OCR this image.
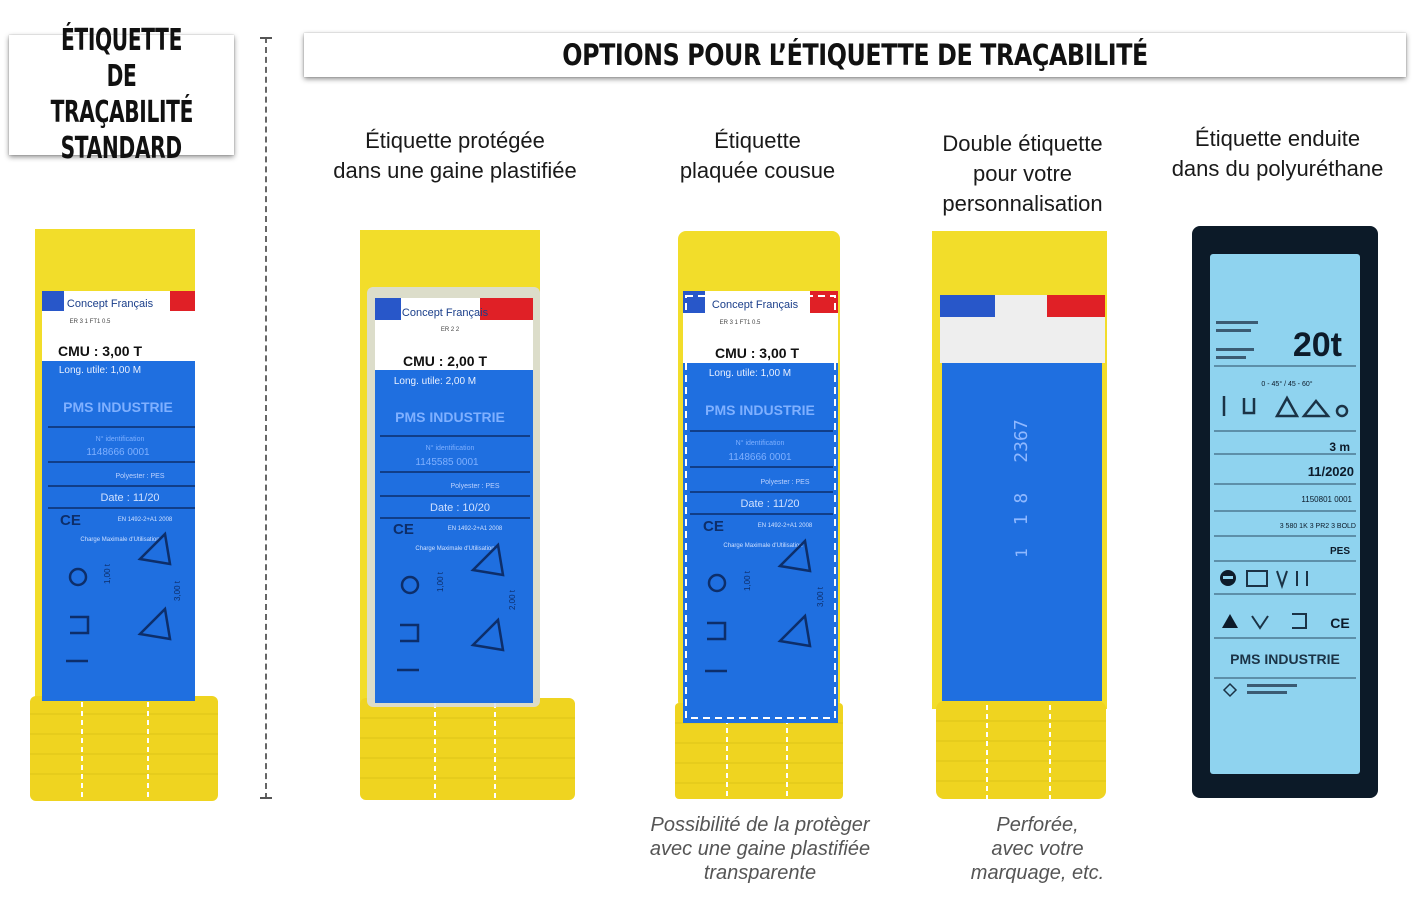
ÉTIQUETTE DE
TRAÇABILITÉ
STANDARD
OPTIONS POUR L’ÉTIQUETTE DE TRAÇABILITÉ
Étiquette protégée
dans une gaine plastifiée
Étiquette
plaquée cousue
Double étiquette
pour votre
personnalisation
Étiquette enduite
dans du polyuréthane
Possibilité de la protèger
avec une gaine plastifiée
transparente
Perforée,
avec votre
marquage, etc.
Concept Français
ER 3 1 FT1 0.5
CMU : 3,00 T
Long. utile: 1,00 M
PMS INDUSTRIE
N° identification
1148666 0001
Polyester : PES
Date : 11/20
CE	EN 1492-2+A1 2008
Charge Maximale d'Utilisation
1,00 t
3,00 t
Concept Français
ER 2 2
CMU : 2,00 T
Long. utile: 2,00 M
PMS INDUSTRIE
N° identification
1145585 0001
Polyester : PES
Date : 10/20
CE	EN 1492-2+A1 2008
Charge Maximale d'Utilisation
1,00 t
2,00 t
Concept Français
ER 3 1 FT1 0.5
CMU : 3,00 T
Long. utile: 1,00 M
PMS INDUSTRIE
N° identification
1148666 0001
Polyester : PES
Date : 11/20
CE	EN 1492-2+A1 2008
Charge Maximale d'Utilisation
1,00 t
3,00 t
2367
1 8
1
20t
0 - 45° / 45 - 60°
3 m
11/2020
1150801 0001
3 580 1K 3 PR2 3 BOLD
PES
CE
PMS INDUSTRIE
